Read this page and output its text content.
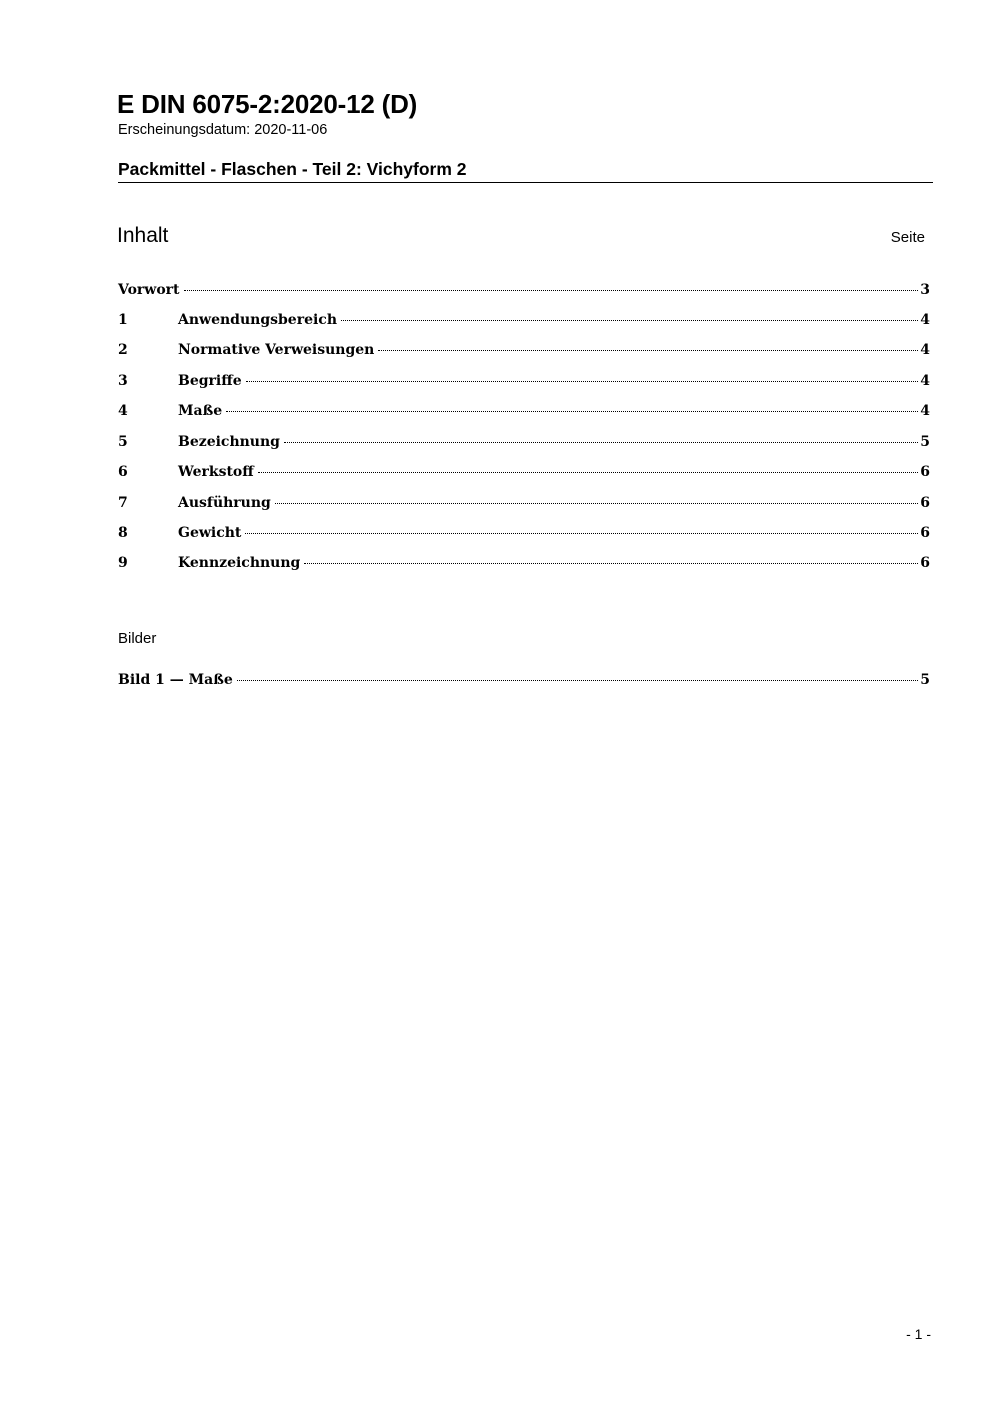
E DIN 6075-2:2020-12 (D)
Erscheinungsdatum: 2020-11-06
Packmittel - Flaschen - Teil 2: Vichyform 2
Inhalt	Seite
Vorwort	3
1	Anwendungsbereich	4
2	Normative Verweisungen	4
3	Begriffe	4
4	Maße	4
5	Bezeichnung	5
6	Werkstoff	6
7	Ausführung	6
8	Gewicht	6
9	Kennzeichnung	6
Bilder
Bild 1 — Maße	5
- 1 -
